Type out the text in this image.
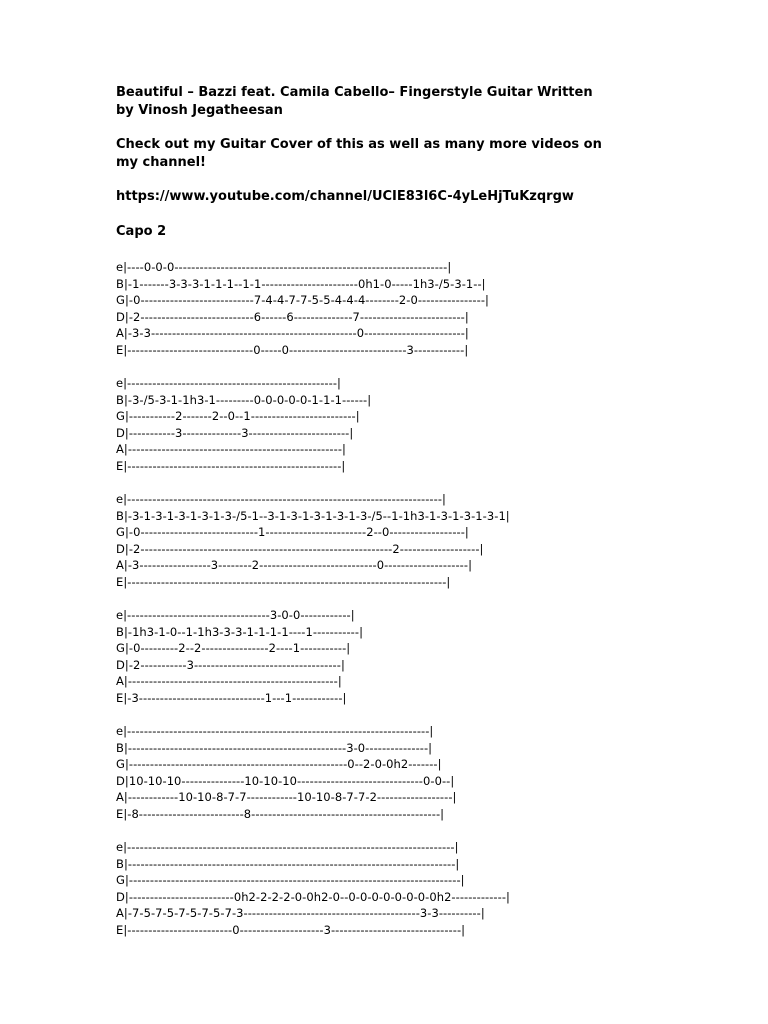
Beautiful – Bazzi feat. Camila Cabello– Fingerstyle Guitar Written

by Vinosh Jegatheesan

Check out my Guitar Cover of this as well as many more videos on

my channel!

https://www.youtube.com/channel/UCIE83l6C-4yLeHjTuKzqrgw

Capo 2

e|----0-0-0-----------------------------------------------------------------|
B|-1-------3-3-3-1-1-1--1-1-----------------------0h1-0-----1h3-/5-3-1--|
G|-0---------------------------7-4-4-7-7-5-5-4-4-4--------2-0----------------|
D|-2---------------------------6------6--------------7-------------------------|
A|-3-3-------------------------------------------------0------------------------|
E|------------------------------0-----0----------------------------3------------|
e|--------------------------------------------------|
B|-3-/5-3-1-1h3-1---------0-0-0-0-0-1-1-1------|
G|-----------2-------2--0--1-------------------------|
D|-----------3--------------3------------------------|
A|---------------------------------------------------|
E|---------------------------------------------------|
e|---------------------------------------------------------------------------|
B|-3-1-3-1-3-1-3-1-3-/5-1--3-1-3-1-3-1-3-1-3-/5--1-1h3-1-3-1-3-1-3-1|
G|-0----------------------------1------------------------2--0------------------|
D|-2------------------------------------------------------------2-------------------|
A|-3-----------------3--------2----------------------------0--------------------|
E|----------------------------------------------------------------------------|
e|----------------------------------3-0-0------------|
B|-1h3-1-0--1-1h3-3-3-1-1-1-1----1-----------|
G|-0---------2--2----------------2----1-----------|
D|-2-----------3-----------------------------------|
A|--------------------------------------------------|
E|-3------------------------------1---1------------|
e|------------------------------------------------------------------------|
B|----------------------------------------------------3-0---------------|
G|----------------------------------------------------0--2-0-0h2-------|
D|10-10-10---------------10-10-10------------------------------0-0--|
A|------------10-10-8-7-7------------10-10-8-7-7-2------------------|
E|-8-------------------------8---------------------------------------------|
e|------------------------------------------------------------------------------|
B|------------------------------------------------------------------------------|
G|-------------------------------------------------------------------------------|
D|-------------------------0h2-2-2-2-0-0h2-0--0-0-0-0-0-0-0-0h2-------------|
A|-7-5-7-5-7-5-7-5-7-3------------------------------------------3-3----------|
E|-------------------------0--------------------3-------------------------------|
